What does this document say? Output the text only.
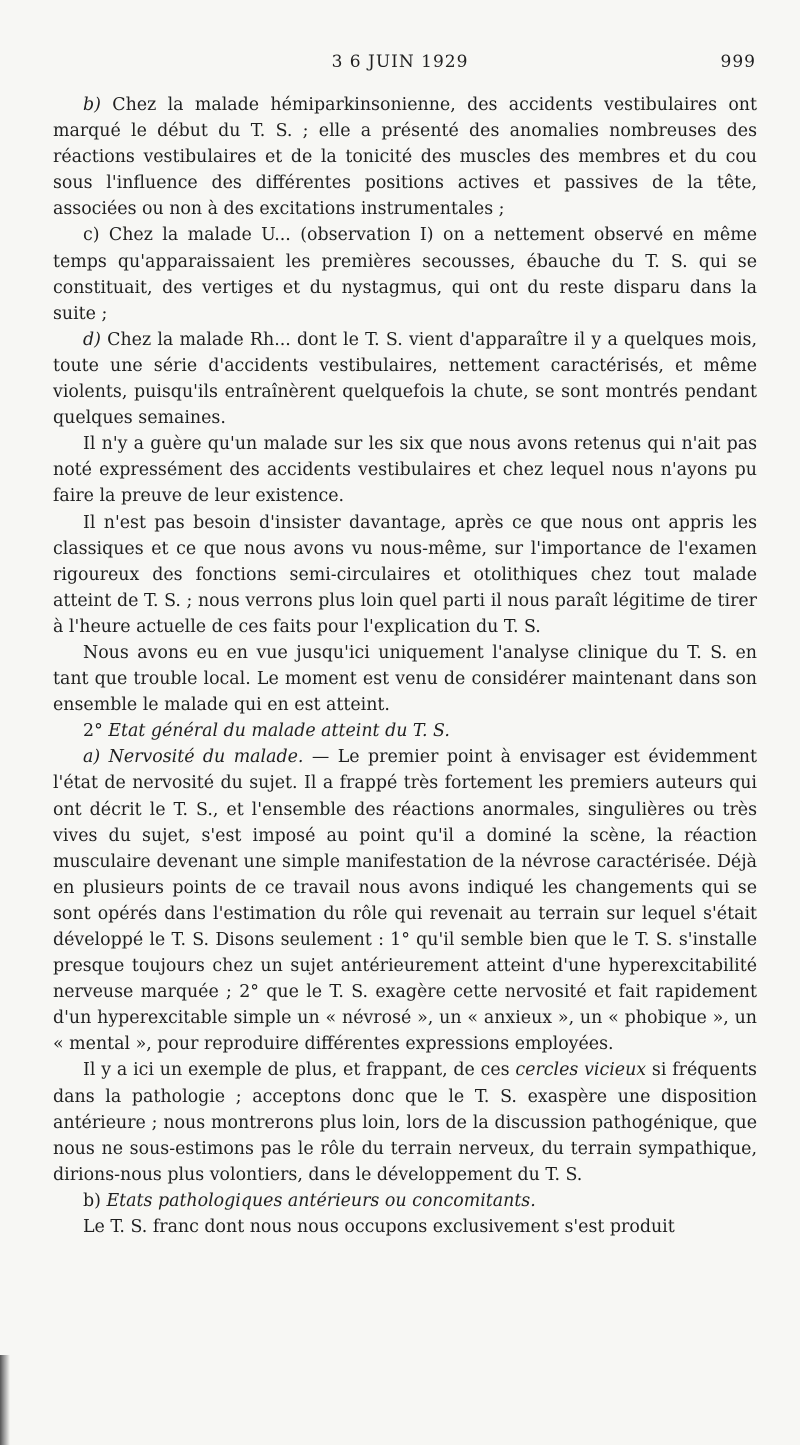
3 6 JUIN 1929	999

b) Chez la malade hémiparkinsonienne, des accidents vestibulaires ont marqué le début du T. S. ; elle a présenté des anomalies nombreuses des réactions vestibulaires et de la tonicité des muscles des membres et du cou sous l'influence des différentes positions actives et passives de la tête, associées ou non à des excitations instrumentales ;

c) Chez la malade U... (observation I) on a nettement observé en même temps qu'apparaissaient les premières secousses, ébauche du T. S. qui se constituait, des vertiges et du nystagmus, qui ont du reste disparu dans la suite ;

d) Chez la malade Rh... dont le T. S. vient d'apparaître il y a quelques mois, toute une série d'accidents vestibulaires, nettement caractérisés, et même violents, puisqu'ils entraînèrent quelquefois la chute, se sont montrés pendant quelques semaines.

Il n'y a guère qu'un malade sur les six que nous avons retenus qui n'ait pas noté expressément des accidents vestibulaires et chez lequel nous n'ayons pu faire la preuve de leur existence.

Il n'est pas besoin d'insister davantage, après ce que nous ont appris les classiques et ce que nous avons vu nous-même, sur l'importance de l'examen rigoureux des fonctions semi-circulaires et otolithiques chez tout malade atteint de T. S. ; nous verrons plus loin quel parti il nous paraît légitime de tirer à l'heure actuelle de ces faits pour l'explication du T. S.

Nous avons eu en vue jusqu'ici uniquement l'analyse clinique du T. S. en tant que trouble local. Le moment est venu de considérer maintenant dans son ensemble le malade qui en est atteint.

2° Etat général du malade atteint du T. S.

a) Nervosité du malade. — Le premier point à envisager est évidemment l'état de nervosité du sujet. Il a frappé très fortement les premiers auteurs qui ont décrit le T. S., et l'ensemble des réactions anormales, singulières ou très vives du sujet, s'est imposé au point qu'il a dominé la scène, la réaction musculaire devenant une simple manifestation de la névrose caractérisée. Déjà en plusieurs points de ce travail nous avons indiqué les changements qui se sont opérés dans l'estimation du rôle qui revenait au terrain sur lequel s'était développé le T. S. Disons seulement : 1° qu'il semble bien que le T. S. s'installe presque toujours chez un sujet antérieurement atteint d'une hyperexcitabilité nerveuse marquée ; 2° que le T. S. exagère cette nervosité et fait rapidement d'un hyperexcitable simple un « névrosé », un « anxieux », un « phobique », un « mental », pour reproduire différentes expressions employées.

Il y a ici un exemple de plus, et frappant, de ces cercles vicieux si fréquents dans la pathologie ; acceptons donc que le T. S. exaspère une disposition antérieure ; nous montrerons plus loin, lors de la discussion pathogénique, que nous ne sous-estimons pas le rôle du terrain nerveux, du terrain sympathique, dirions-nous plus volontiers, dans le développement du T. S.

b) Etats pathologiques antérieurs ou concomitants.

Le T. S. franc dont nous nous occupons exclusivement s'est produit
